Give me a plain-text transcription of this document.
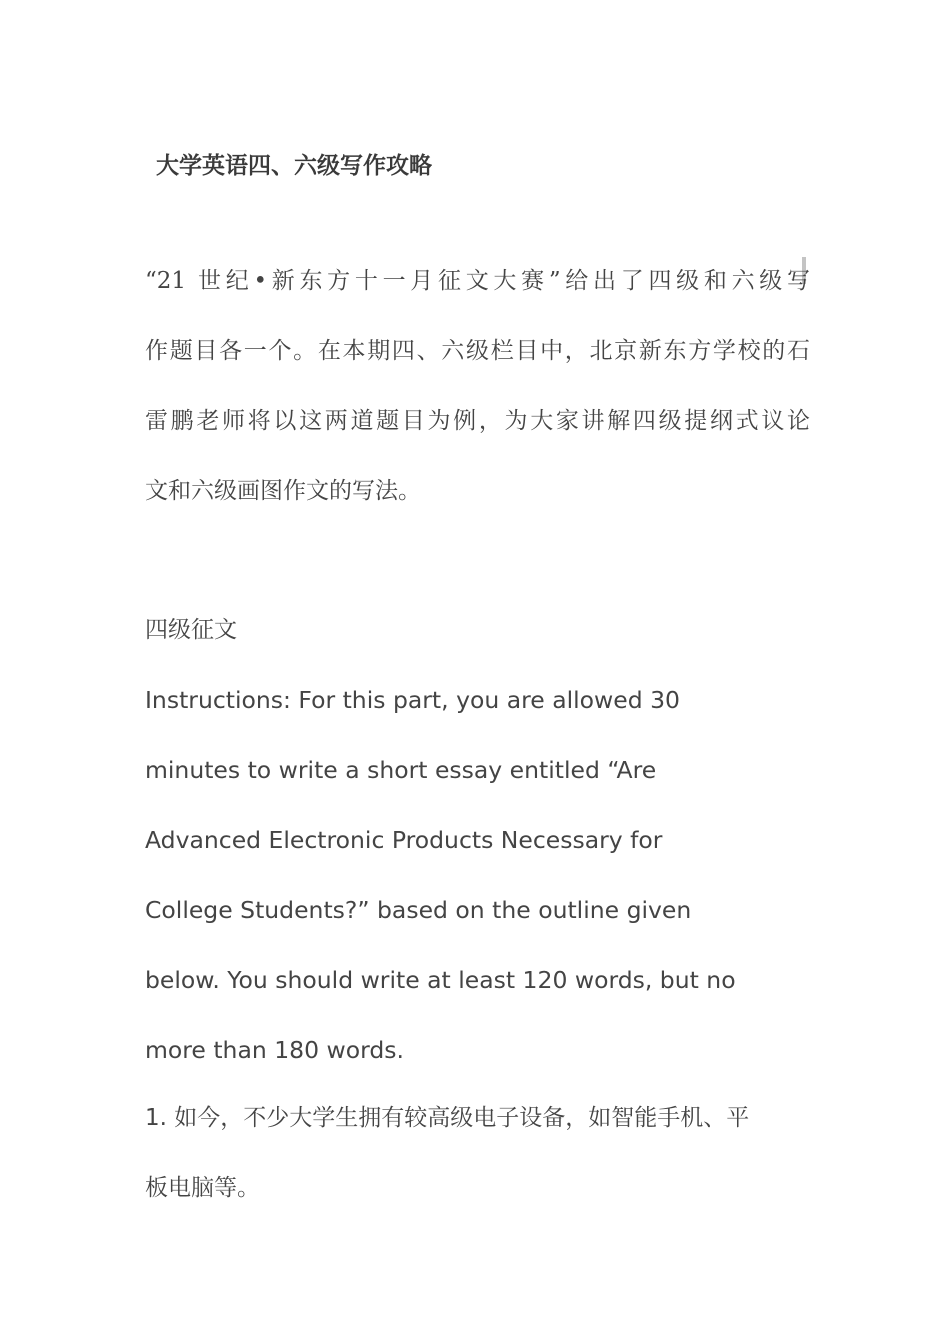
大学英语四、六级写作攻略
“21 世纪•新东方十一月征文大赛”给出了四级和六级写
作题目各一个。在本期四、六级栏目中，北京新东方学校的石
雷鹏老师将以这两道题目为例，为大家讲解四级提纲式议论
文和六级画图作文的写法。
四级征文
Instructions: For this part, you are allowed 30
minutes to write a short essay entitled “Are
Advanced Electronic Products Necessary for
College Students?” based on the outline given
below. You should write at least 120 words, but no
more than 180 words.
1. 如今，不少大学生拥有较高级电子设备，如智能手机、平
板电脑等。
